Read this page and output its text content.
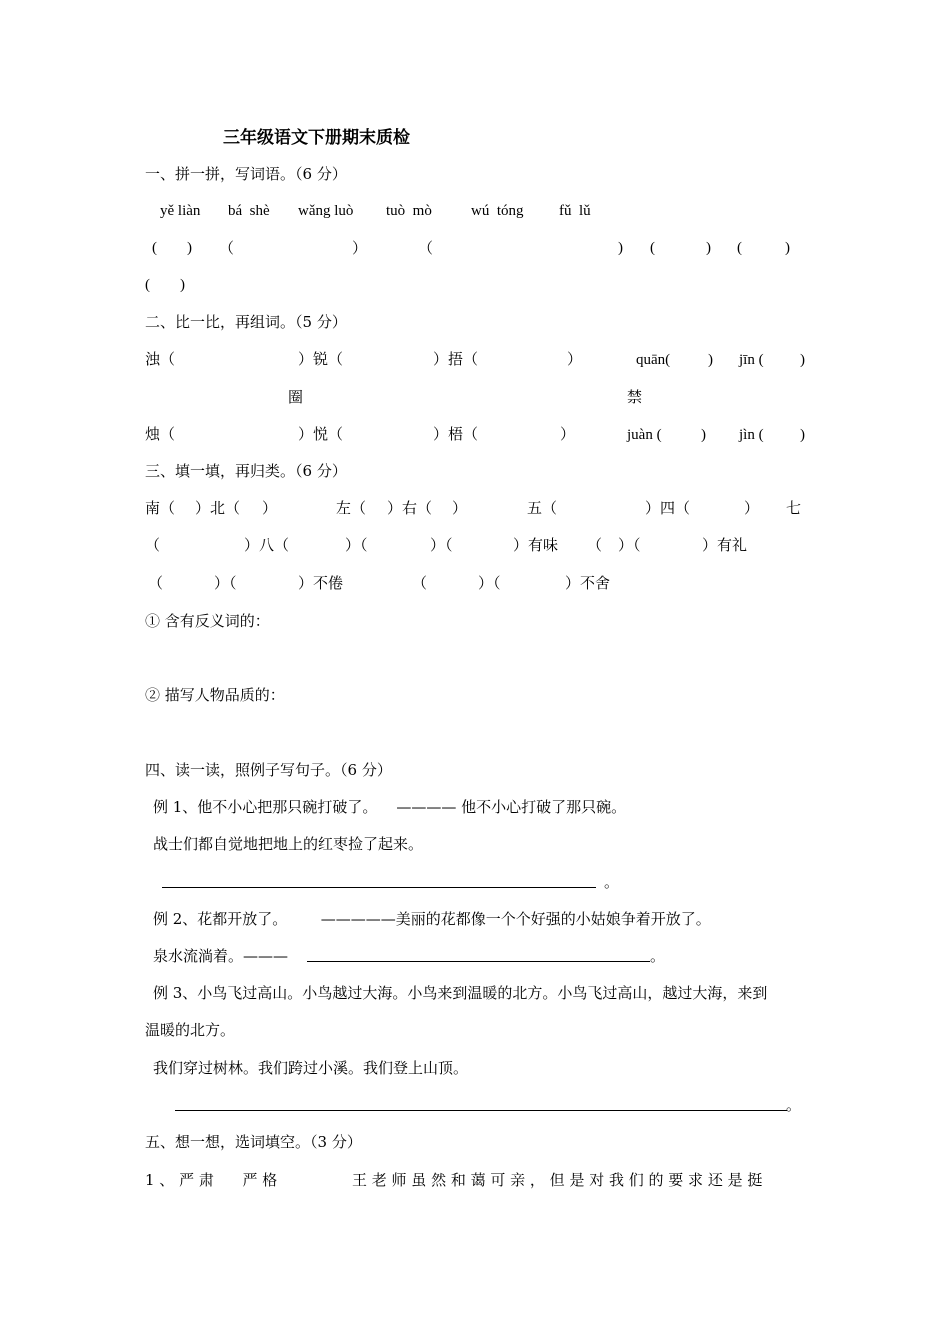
三年级语文下册期末质检
一、拼一拼，写词语。（6 分）
yě liàn bá  shè wǎng luò tuò  mò	wú  tóng fǔ  lǔ
(        ) （	）	（	) (	) (	)
(        )
二、比一比，再组词。（5 分）
浊（	）锐（	）捂（	）	quān(	) jīn ( )
圈	禁
烛（	）悦（	）梧（	）	juàn (	) jìn ( )
三、填一填，再归类。（6 分）
南（ ）北（ ）	左（ ）右（ ）	五（	）四（	） 七
（	）八（	）（	）（	）有味 （ ）（	）有礼
（	）（	）不倦	（	）（	）不舍
① 含有反义词的：
② 描写人物品质的：
四、读一读，照例子写句子。（6 分）
例 1、他不小心把那只碗打破了。    ———— 他不小心打破了那只碗。
战士们都自觉地把地上的红枣捡了起来。
。
例 2、花都开放了。       —————美丽的花都像一个个好强的小姑娘争着开放了。
泉水流淌着。———	。
例 3、小鸟飞过高山。小鸟越过大海。小鸟来到温暖的北方。小鸟飞过高山，越过大海，来到
温暖的北方。
我们穿过树林。我们跨过小溪。我们登上山顶。
。
五、想一想，选词填空。（3 分）
1 、 严 肃      严 格	王 老 师 虽 然 和 蔼 可 亲 ， 但 是 对 我 们 的 要 求 还 是 挺
